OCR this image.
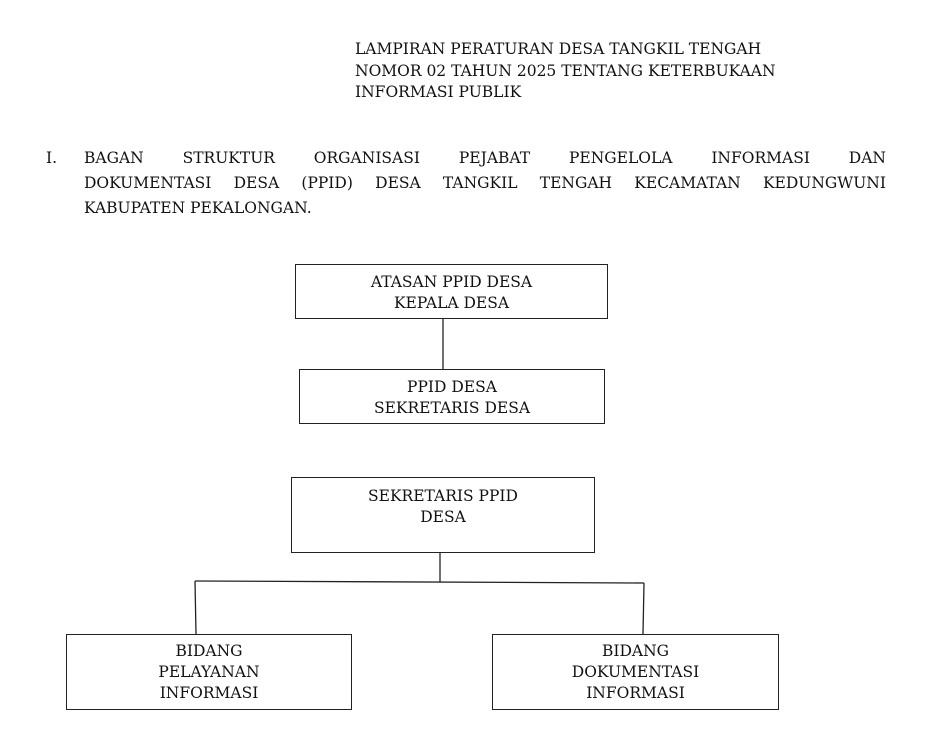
LAMPIRAN PERATURAN DESA TANGKIL TENGAH
NOMOR 02 TAHUN 2025 TENTANG KETERBUKAAN
INFORMASI PUBLIK
I. BAGAN	STRUKTUR	ORGANISASI	PEJABAT	PENGELOLA	INFORMASI	DAN
DOKUMENTASI DESA (PPID) DESA TANGKIL TENGAH KECAMATAN KEDUNGWUNI
KABUPATEN PEKALONGAN.
ATASAN PPID DESA
KEPALA DESA
PPID DESA
SEKRETARIS DESA
SEKRETARIS PPID
DESA
BIDANG
PELAYANAN
INFORMASI
BIDANG
DOKUMENTASI
INFORMASI
